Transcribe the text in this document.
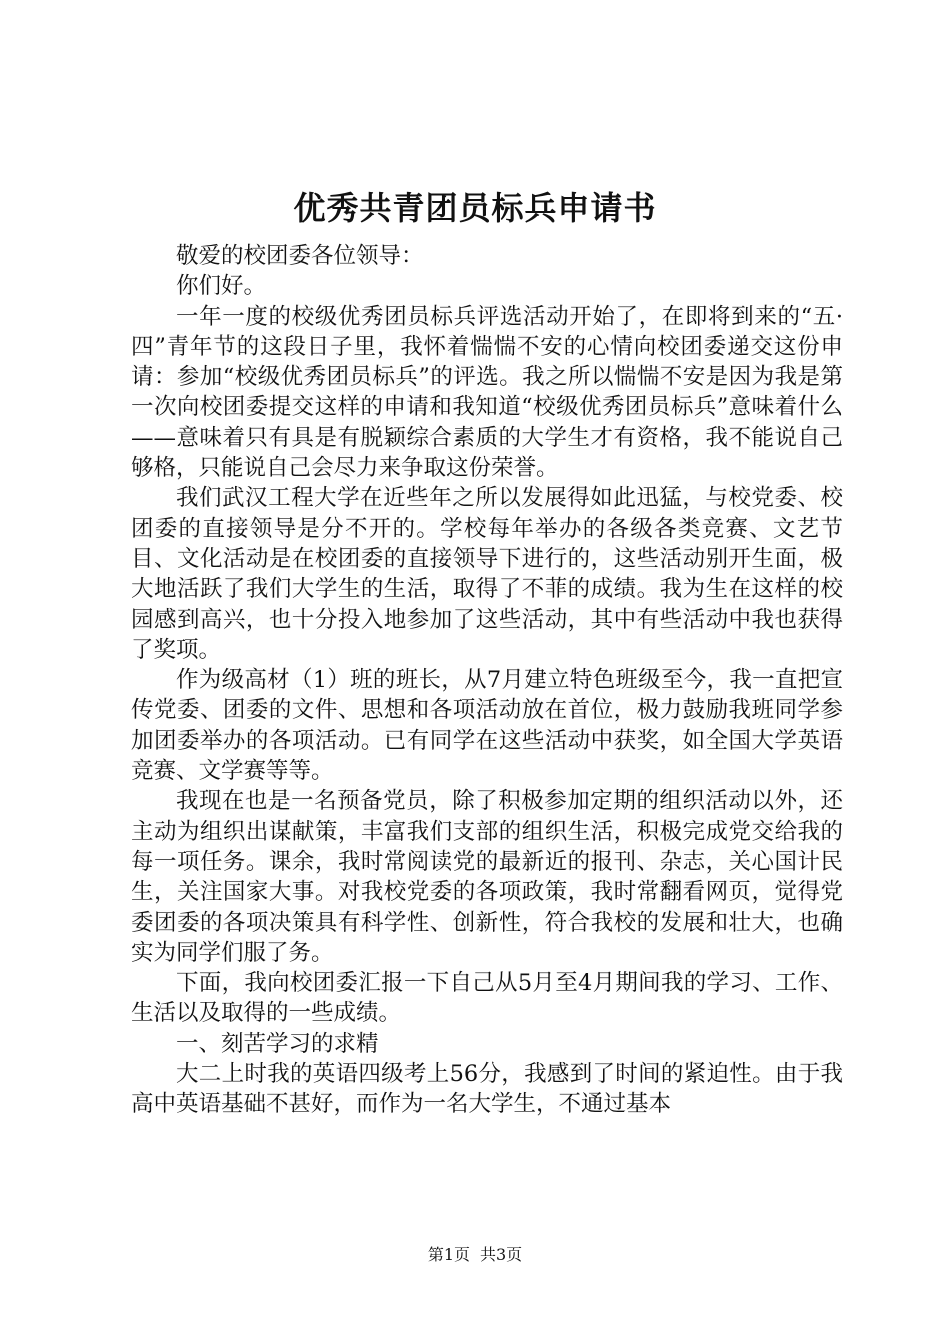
优秀共青团员标兵申请书

敬爱的校团委各位领导：

你们好。

一年一度的校级优秀团员标兵评选活动开始了，在即将到来的“五·四”青年节的这段日子里，我怀着惴惴不安的心情向校团委递交这份申请：参加“校级优秀团员标兵”的评选。我之所以惴惴不安是因为我是第一次向校团委提交这样的申请和我知道“校级优秀团员标兵”意味着什么——意味着只有具是有脱颖综合素质的大学生才有资格，我不能说自己够格，只能说自己会尽力来争取这份荣誉。

我们武汉工程大学在近些年之所以发展得如此迅猛，与校党委、校团委的直接领导是分不开的。学校每年举办的各级各类竞赛、文艺节目、文化活动是在校团委的直接领导下进行的，这些活动别开生面，极大地活跃了我们大学生的生活，取得了不菲的成绩。我为生在这样的校园感到高兴，也十分投入地参加了这些活动，其中有些活动中我也获得了奖项。

作为级高材（1）班的班长，从7月建立特色班级至今，我一直把宣传党委、团委的文件、思想和各项活动放在首位，极力鼓励我班同学参加团委举办的各项活动。已有同学在这些活动中获奖，如全国大学英语竞赛、文学赛等等。

我现在也是一名预备党员，除了积极参加定期的组织活动以外，还主动为组织出谋献策，丰富我们支部的组织生活，积极完成党交给我的每一项任务。课余，我时常阅读党的最新近的报刊、杂志，关心国计民生，关注国家大事。对我校党委的各项政策，我时常翻看网页，觉得党委团委的各项决策具有科学性、创新性，符合我校的发展和壮大，也确实为同学们服了务。

下面，我向校团委汇报一下自己从5月至4月期间我的学习、工作、生活以及取得的一些成绩。

一、刻苦学习的求精

大二上时我的英语四级考上56分，我感到了时间的紧迫性。由于我高中英语基础不甚好，而作为一名大学生，不通过基本

第1页 共3页
